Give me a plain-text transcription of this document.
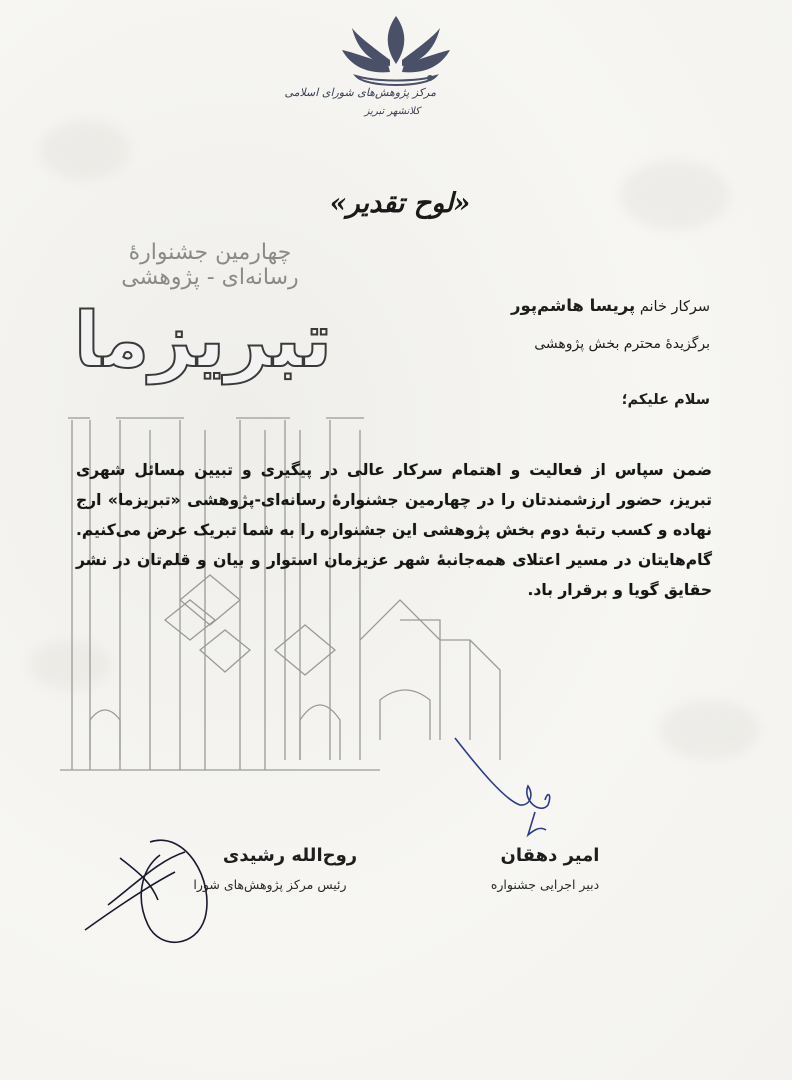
مرکز پژوهش‌های شورای اسلامی
کلانشهر تبریز
«لوح تقدیر»
چهارمین جشنوارهٔ
رسانه‌ای - پژوهشی
تبریزما	سرکار خانم پریسا هاشم‌پور
برگزیدهٔ محترم بخش پژوهشی
سلام علیکم؛
ضمن سپاس از فعالیت و اهتمام سرکار عالی در پیگیری و تبیین مسائل شهری تبریز، حضور ارزشمندتان را در چهارمین جشنوارهٔ رسانه‌ای-پژوهشی «تبریزما» ارج نهاده و کسب رتبهٔ دوم بخش پژوهشی این جشنواره را به شما تبریک عرض می‌کنیم. گام‌هایتان در مسیر اعتلای همه‌جانبهٔ شهر عزیزمان استوار و بیان و قلم‌تان در نشر حقایق گویا و برقرار باد.
روح‌الله رشیدی
رئیس مرکز پژوهش‌های شورا
امیر دهقان
دبیر اجرایی جشنواره
